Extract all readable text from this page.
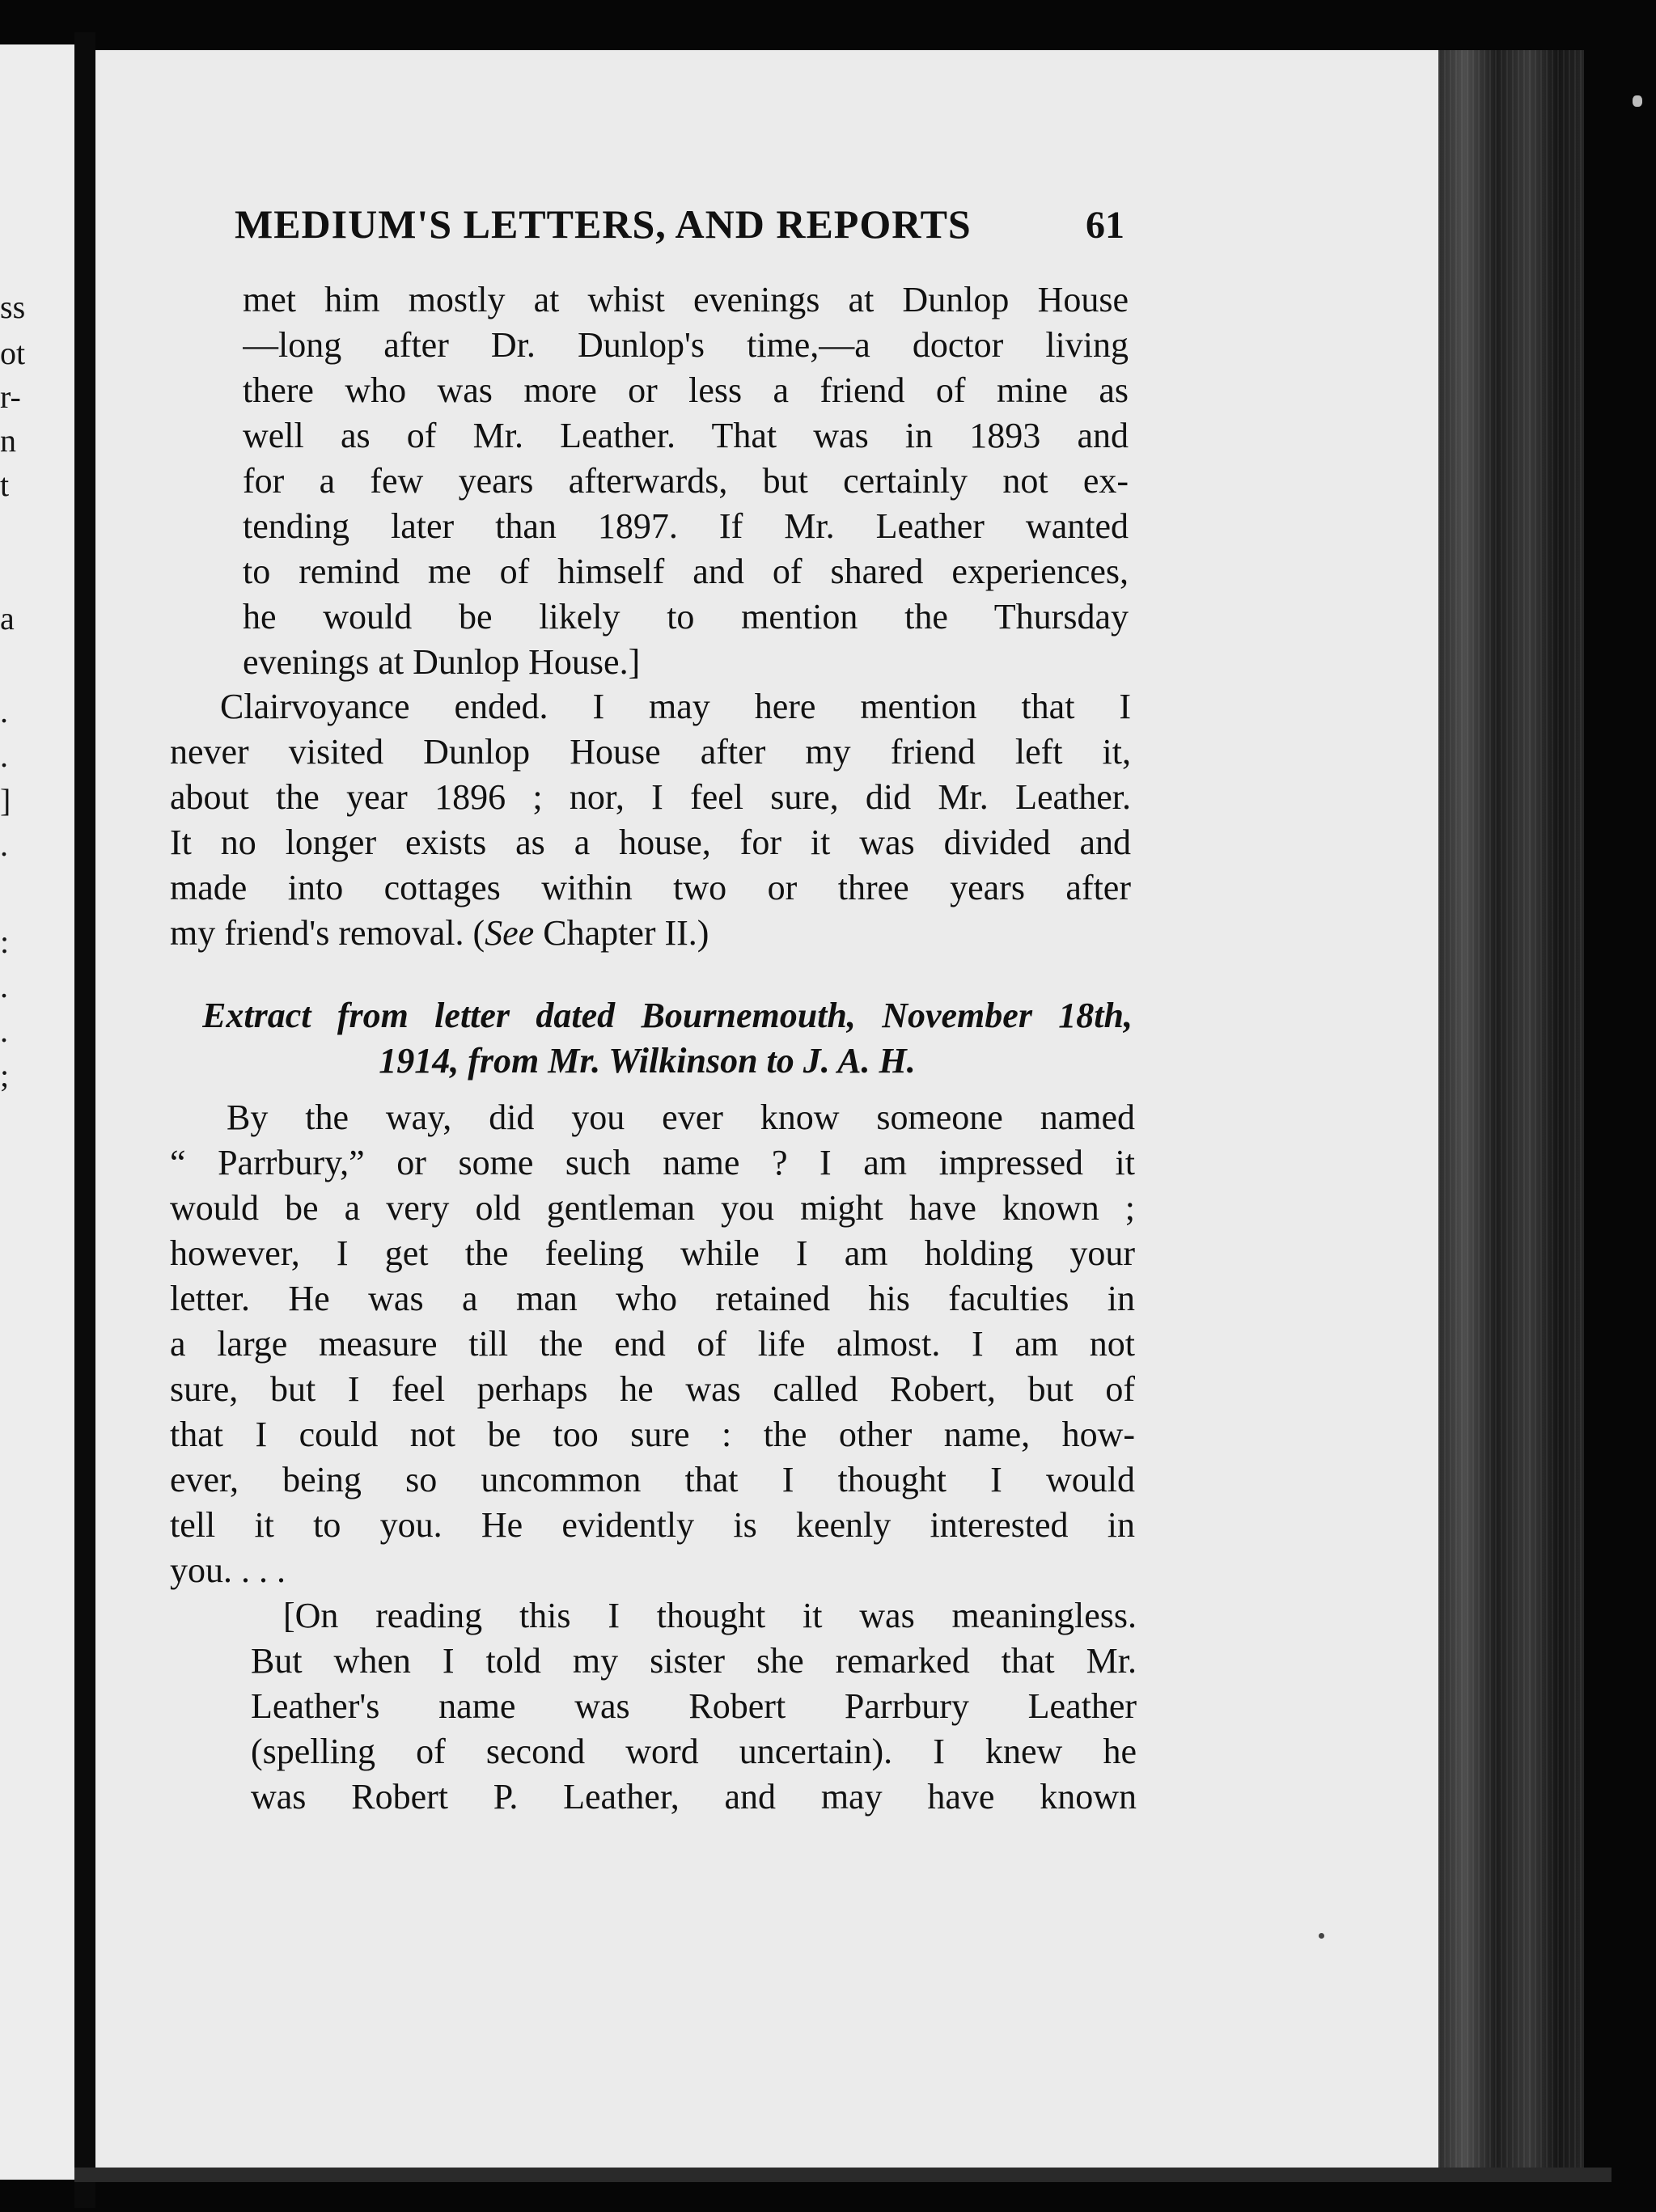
ss
ot
r-
n
t
a
.
.
]
.
:
.
.
;
MEDIUM'S LETTERS, AND REPORTS	61
met him mostly at whist evenings at Dunlop House
—long after Dr. Dunlop's time,—a doctor living
there who was more or less a friend of mine as
well as of Mr. Leather. That was in 1893 and
for a few years afterwards, but certainly not ex-
tending later than 1897. If Mr. Leather wanted
to remind me of himself and of shared experiences,
he would be likely to mention the Thursday
evenings at Dunlop House.]
Clairvoyance ended. I may here mention that I
never visited Dunlop House after my friend left it,
about the year 1896 ; nor, I feel sure, did Mr. Leather.
It no longer exists as a house, for it was divided and
made into cottages within two or three years after
my friend's removal. (See Chapter II.)
Extract from letter dated Bournemouth, November 18th,
1914, from Mr. Wilkinson to J. A. H.
By the way, did you ever know someone named
“ Parrbury,” or some such name ? I am impressed it
would be a very old gentleman you might have known ;
however, I get the feeling while I am holding your
letter. He was a man who retained his faculties in
a large measure till the end of life almost. I am not
sure, but I feel perhaps he was called Robert, but of
that I could not be too sure : the other name, how-
ever, being so uncommon that I thought I would
tell it to you. He evidently is keenly interested in
you. . . .
[On reading this I thought it was meaningless.
But when I told my sister she remarked that Mr.
Leather's name was Robert Parrbury Leather
(spelling of second word uncertain). I knew he
was Robert P. Leather, and may have known
